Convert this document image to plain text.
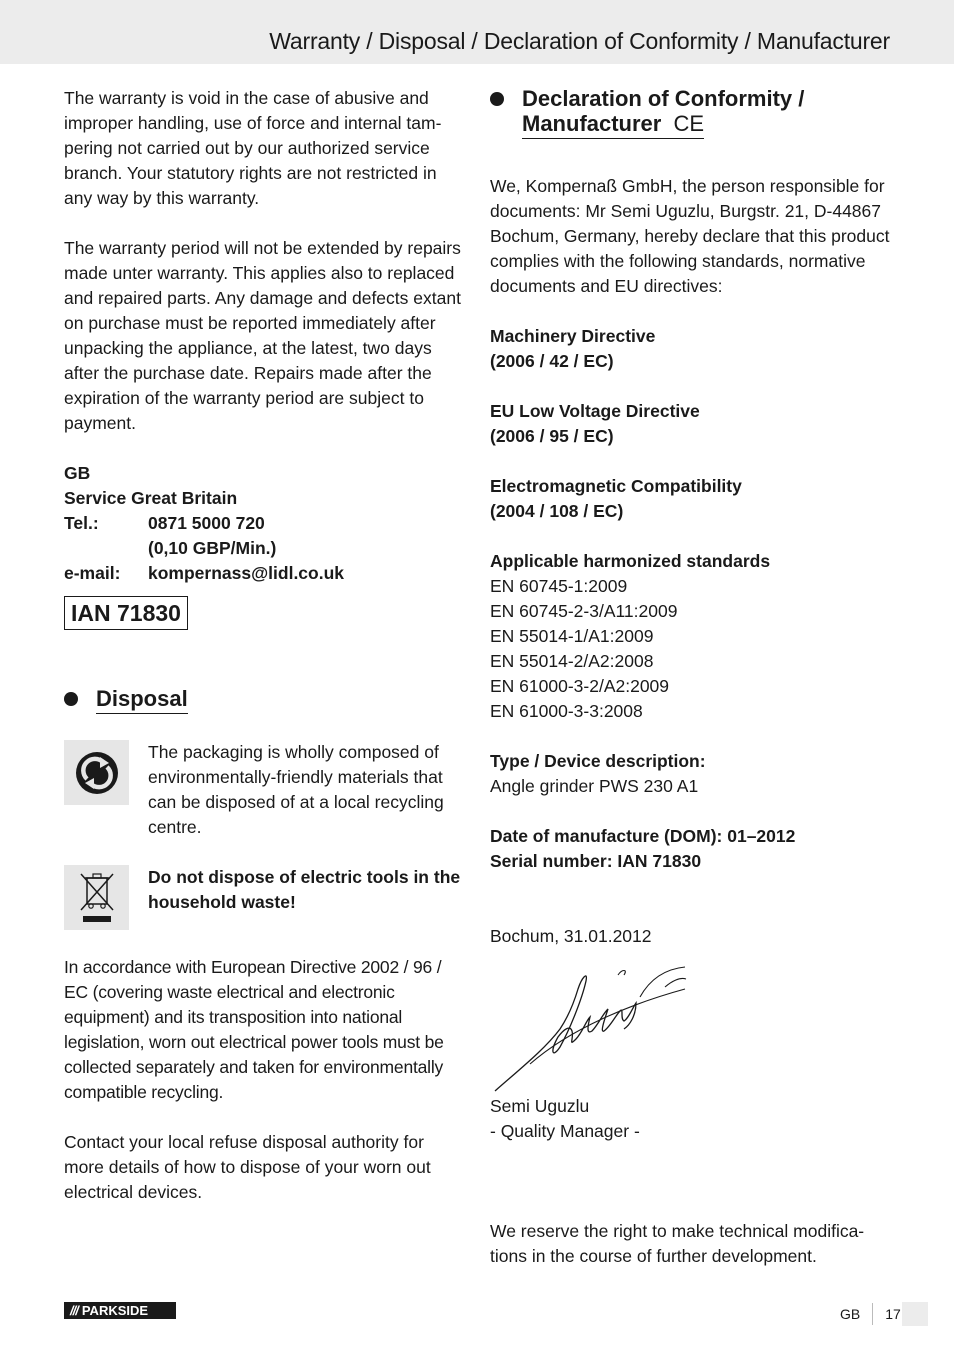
Warranty / Disposal / Declaration of Conformity / Manufacturer

The warranty is void in the case of abusive and improper handling, use of force and internal tam-pering not carried out by our authorized service branch. Your statutory rights are not restricted in any way by this warranty.

The warranty period will not be extended by repairs made unter warranty. This applies also to replaced and repaired parts. Any damage and defects extant on purchase must be reported immediately after unpacking the appliance, at the latest, two days after the purchase date. Repairs made after the expiration of the warranty period are subject to payment.

GB
Service Great Britain
Tel.:	0871 5000 720
(0,10 GBP/Min.)
e-mail:	kompernass@lidl.co.uk
IAN 71830
Disposal

The packaging is wholly composed of environmentally-friendly materials that can be disposed of at a local recycling centre.

Do not dispose of electric tools in the household waste!

In accordance with European Directive 2002 / 96 / EC (covering waste electrical and electronic equipment) and its transposition into national legislation, worn out electrical power tools must be collected separately and taken for environmentally compatible recycling.

Contact your local refuse disposal authority for more details of how to dispose of your worn out electrical devices.

Declaration of Conformity /
Manufacturer CE

We, Kompernaß GmbH, the person responsible for documents: Mr Semi Uguzlu, Burgstr. 21, D-44867 Bochum, Germany, hereby declare that this product complies with the following standards, normative documents and EU directives:

Machinery Directive
(2006 / 42 / EC)
EU Low Voltage Directive
(2006 / 95 / EC)
Electromagnetic Compatibility
(2004 / 108 / EC)
Applicable harmonized standards
EN 60745-1:2009
EN 60745-2-3/A11:2009
EN 55014-1/A1:2009
EN 55014-2/A2:2008
EN 61000-3-2/A2:2009
EN 61000-3-3:2008
Type / Device description:
Angle grinder PWS 230 A1
Date of manufacture (DOM): 01–2012
Serial number: IAN 71830
Bochum, 31.01.2012
Semi Uguzlu
- Quality Manager -

We reserve the right to make technical modifica-tions in the course of further development.

/// PARKSIDE	GB 17
